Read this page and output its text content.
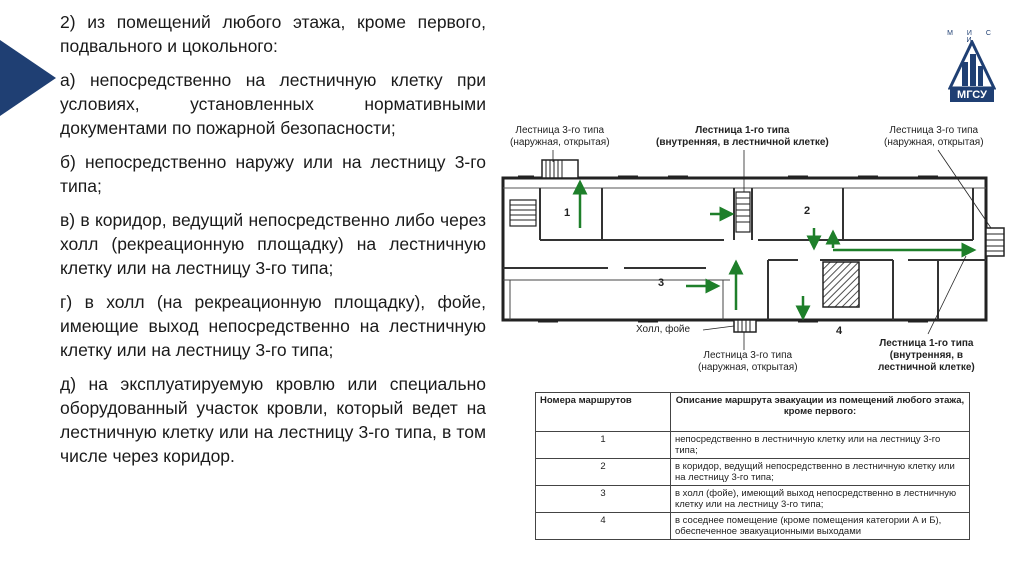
2) из помещений любого этажа, кроме первого, подвального и цокольного:

а) непосредственно на лестничную клетку при условиях, установленных нормативными документами по пожарной безопасности;

б) непосредственно наружу или на лестницу 3-го типа;

в) в коридор, ведущий непосредственно либо через холл (рекреационную площадку) на лестничную клетку или на лестницу 3-го типа;

г) в холл (на рекреационную площадку), фойе, имеющие выход непосредственно на лестничную клетку или на лестницу 3-го типа;

д) на эксплуатируемую кровлю или специально оборудованный участок кровли, который ведет на лестничную клетку или на лестницу 3-го типа, в том числе через коридор.

М И С И
МГСУ
1	2
3
4
Лестница 3-го типа
(наружная, открытая)
Лестница 1-го типа
(внутренняя, в лестничной клетке)
Лестница 3-го типа
(наружная, открытая)
Холл, фойе
Лестница 3-го типа
(наружная, открытая)
Лестница 1-го типа
(внутренняя, в
лестничной клетке)
Номера маршрутов	Описание маршрута эвакуации из помещений любого этажа, кроме первого:
1	непосредственно в лестничную клетку или на лестницу 3-го типа;
2	в коридор, ведущий непосредственно в лестничную клетку или на лестницу 3-го типа;
3	в холл (фойе), имеющий выход непосредственно в лестничную клетку или на лестницу 3-го типа;
4	в соседнее помещение (кроме помещения категории А и Б), обеспеченное эвакуационными выходами
